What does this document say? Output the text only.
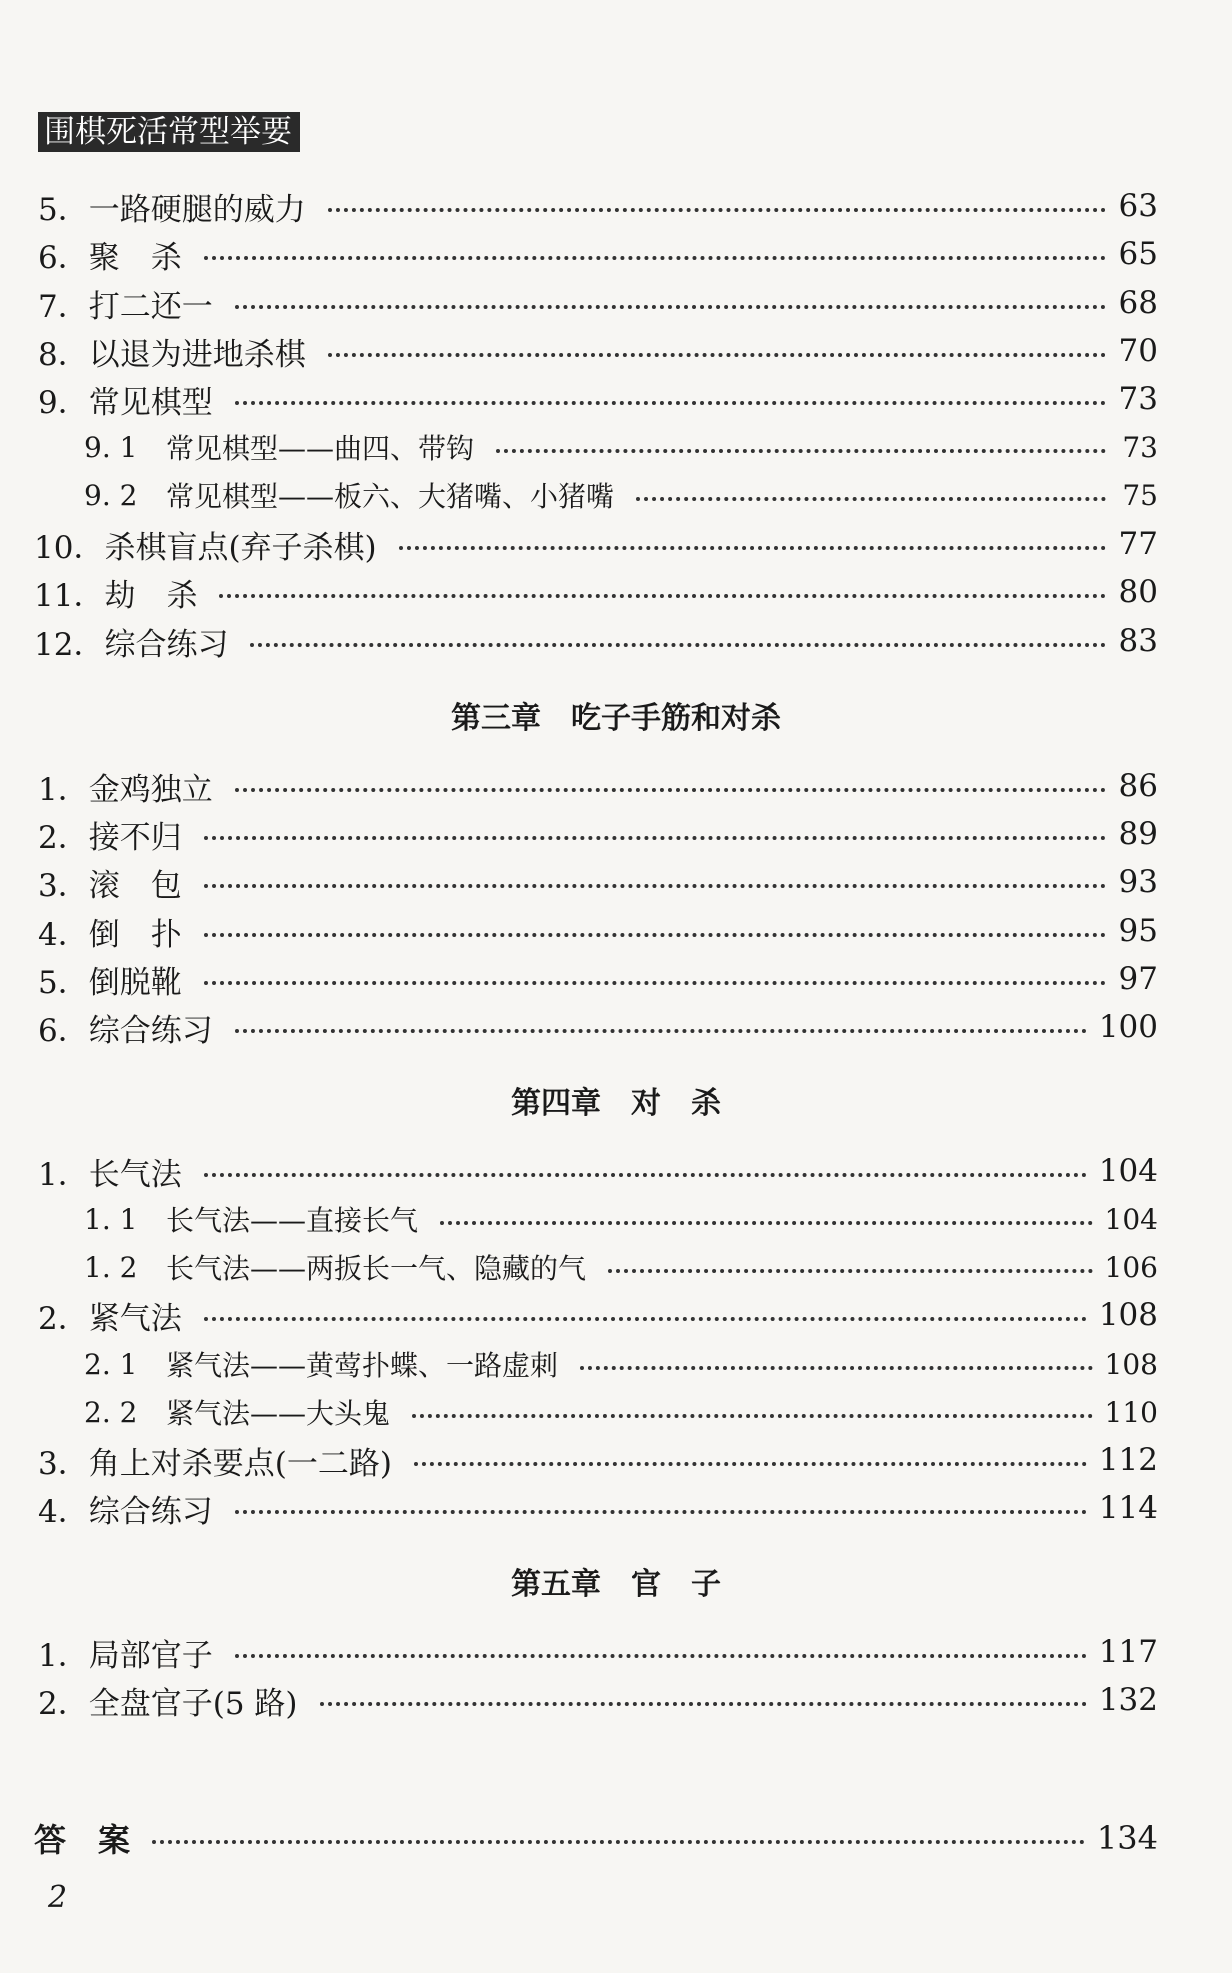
围棋死活常型举要
5． 一路硬腿的威力	63
6． 聚　杀	65
7． 打二还一	68
8． 以退为进地杀棋	70
9． 常见棋型	73
9. 1	常见棋型——曲四、带钩	73
9. 2	常见棋型——板六、大猪嘴、小猪嘴	75
10． 杀棋盲点(弃子杀棋)	77
11． 劫　杀	80
12． 综合练习	83
第三章　吃子手筋和对杀
1． 金鸡独立	86
2． 接不归	89
3． 滚　包	93
4． 倒　扑	95
5． 倒脱靴	97
6． 综合练习	100
第四章　对　杀
1． 长气法	104
1. 1	长气法——直接长气	104
1. 2	长气法——两扳长一气、隐藏的气	106
2． 紧气法	108
2. 1	紧气法——黄莺扑蝶、一路虚刺	108
2. 2	紧气法——大头鬼	110
3． 角上对杀要点(一二路)	112
4． 综合练习	114
第五章　官　子
1． 局部官子	117
2． 全盘官子(5 路)	132
答　案	134
2
